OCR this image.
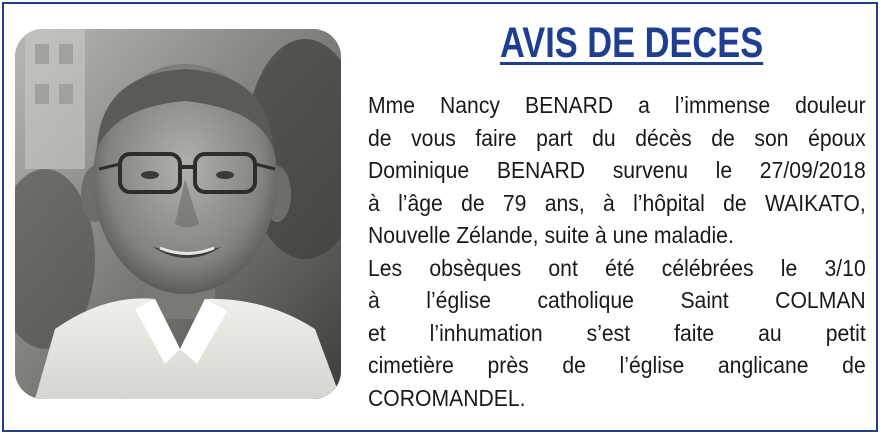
AVIS DE DECES
Mme Nancy BENARD a l’immense douleur
de vous faire part du décès de son époux
Dominique BENARD survenu le 27/09/2018
à l’âge de 79 ans, à l’hôpital de WAIKATO,
Nouvelle Zélande, suite à une maladie.
Les obsèques ont été célébrées le 3/10
à l’église catholique Saint COLMAN
et l’inhumation s’est faite au petit
cimetière près de l’église anglicane de
COROMANDEL.
